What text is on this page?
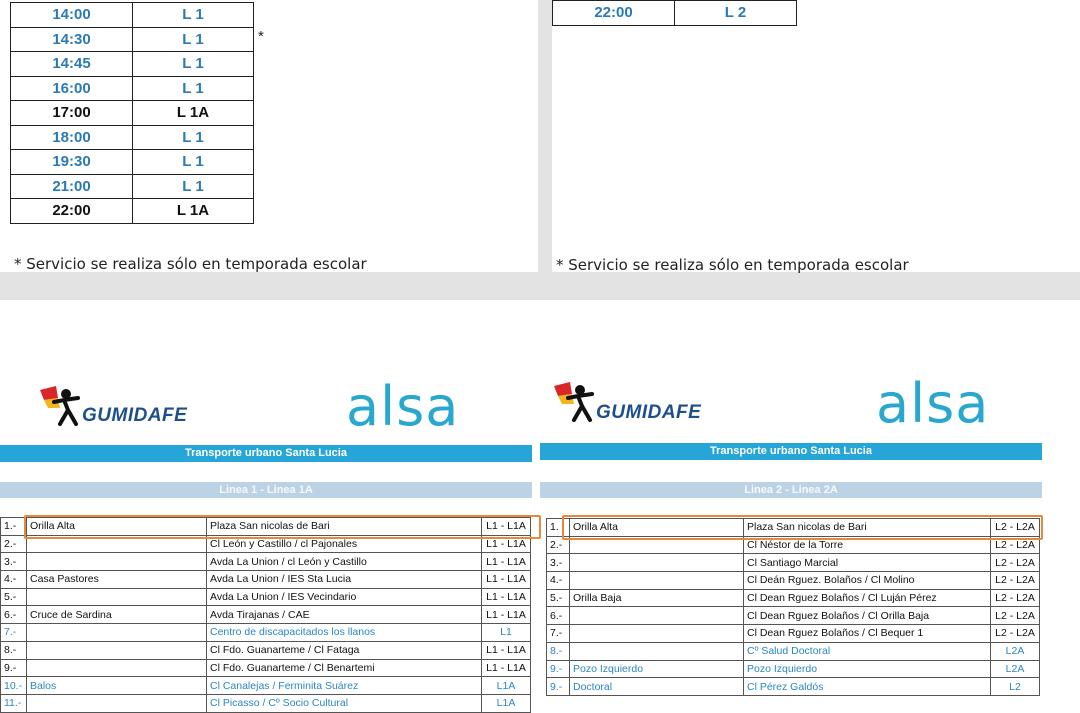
14:00	L 1
14:30	L 1
14:45	L 1
16:00	L 1
17:00	L 1A
18:00	L 1
19:30	L 1
21:00	L 1
22:00	L 1A
*
* Servicio se realiza sólo en temporada escolar
22:00	L 2
* Servicio se realiza sólo en temporada escolar
GUMIDAFE	alsa
Transporte urbano Santa Lucia
Linea 1 - Linea 1A
1.-	Orilla Alta	Plaza San nicolas de Bari	L1 - L1A
2.-		Cl León y Castillo / cl Pajonales	L1 - L1A
3.-		Avda La Union / cl León y Castillo	L1 - L1A
4.-	Casa Pastores	Avda La Union / IES Sta Lucia	L1 - L1A
5.-		Avda La Union / IES Vecindario	L1 - L1A
6.-	Cruce de Sardina	Avda Tirajanas / CAE	L1 - L1A
7.-		Centro de discapacitados los llanos	L1
8.-		Cl Fdo. Guanarteme / Cl Fataga	L1 - L1A
9.-		Cl Fdo. Guanarteme / Cl Benartemi	L1 - L1A
10.-	Balos	Cl Canalejas / Ferminita Suárez	L1A
11.-		Cl Picasso / Cº Socio Cultural	L1A
GUMIDAFE	alsa
Transporte urbano Santa Lucia
Linea 2 - Linea 2A
1.	Orilla Alta	Plaza San nicolas de Bari	L2 - L2A
2.-		Cl Néstor de la Torre	L2 - L2A
3.-		Cl Santiago Marcial	L2 - L2A
4.-		Cl Deán Rguez. Bolaños / Cl Molino	L2 - L2A
5.-	Orilla Baja	Cl Dean Rguez Bolaños / Cl Luján Pérez	L2 - L2A
6.-		Cl Dean Rguez Bolaños / Cl Orilla Baja	L2 - L2A
7.-		Cl Dean Rguez Bolaños / Cl Bequer 1	L2 - L2A
8.-		Cº Salud Doctoral	L2A
9.-	Pozo Izquierdo	Pozo Izquierdo	L2A
9.-	Doctoral	Cl Pérez Galdós	L2
